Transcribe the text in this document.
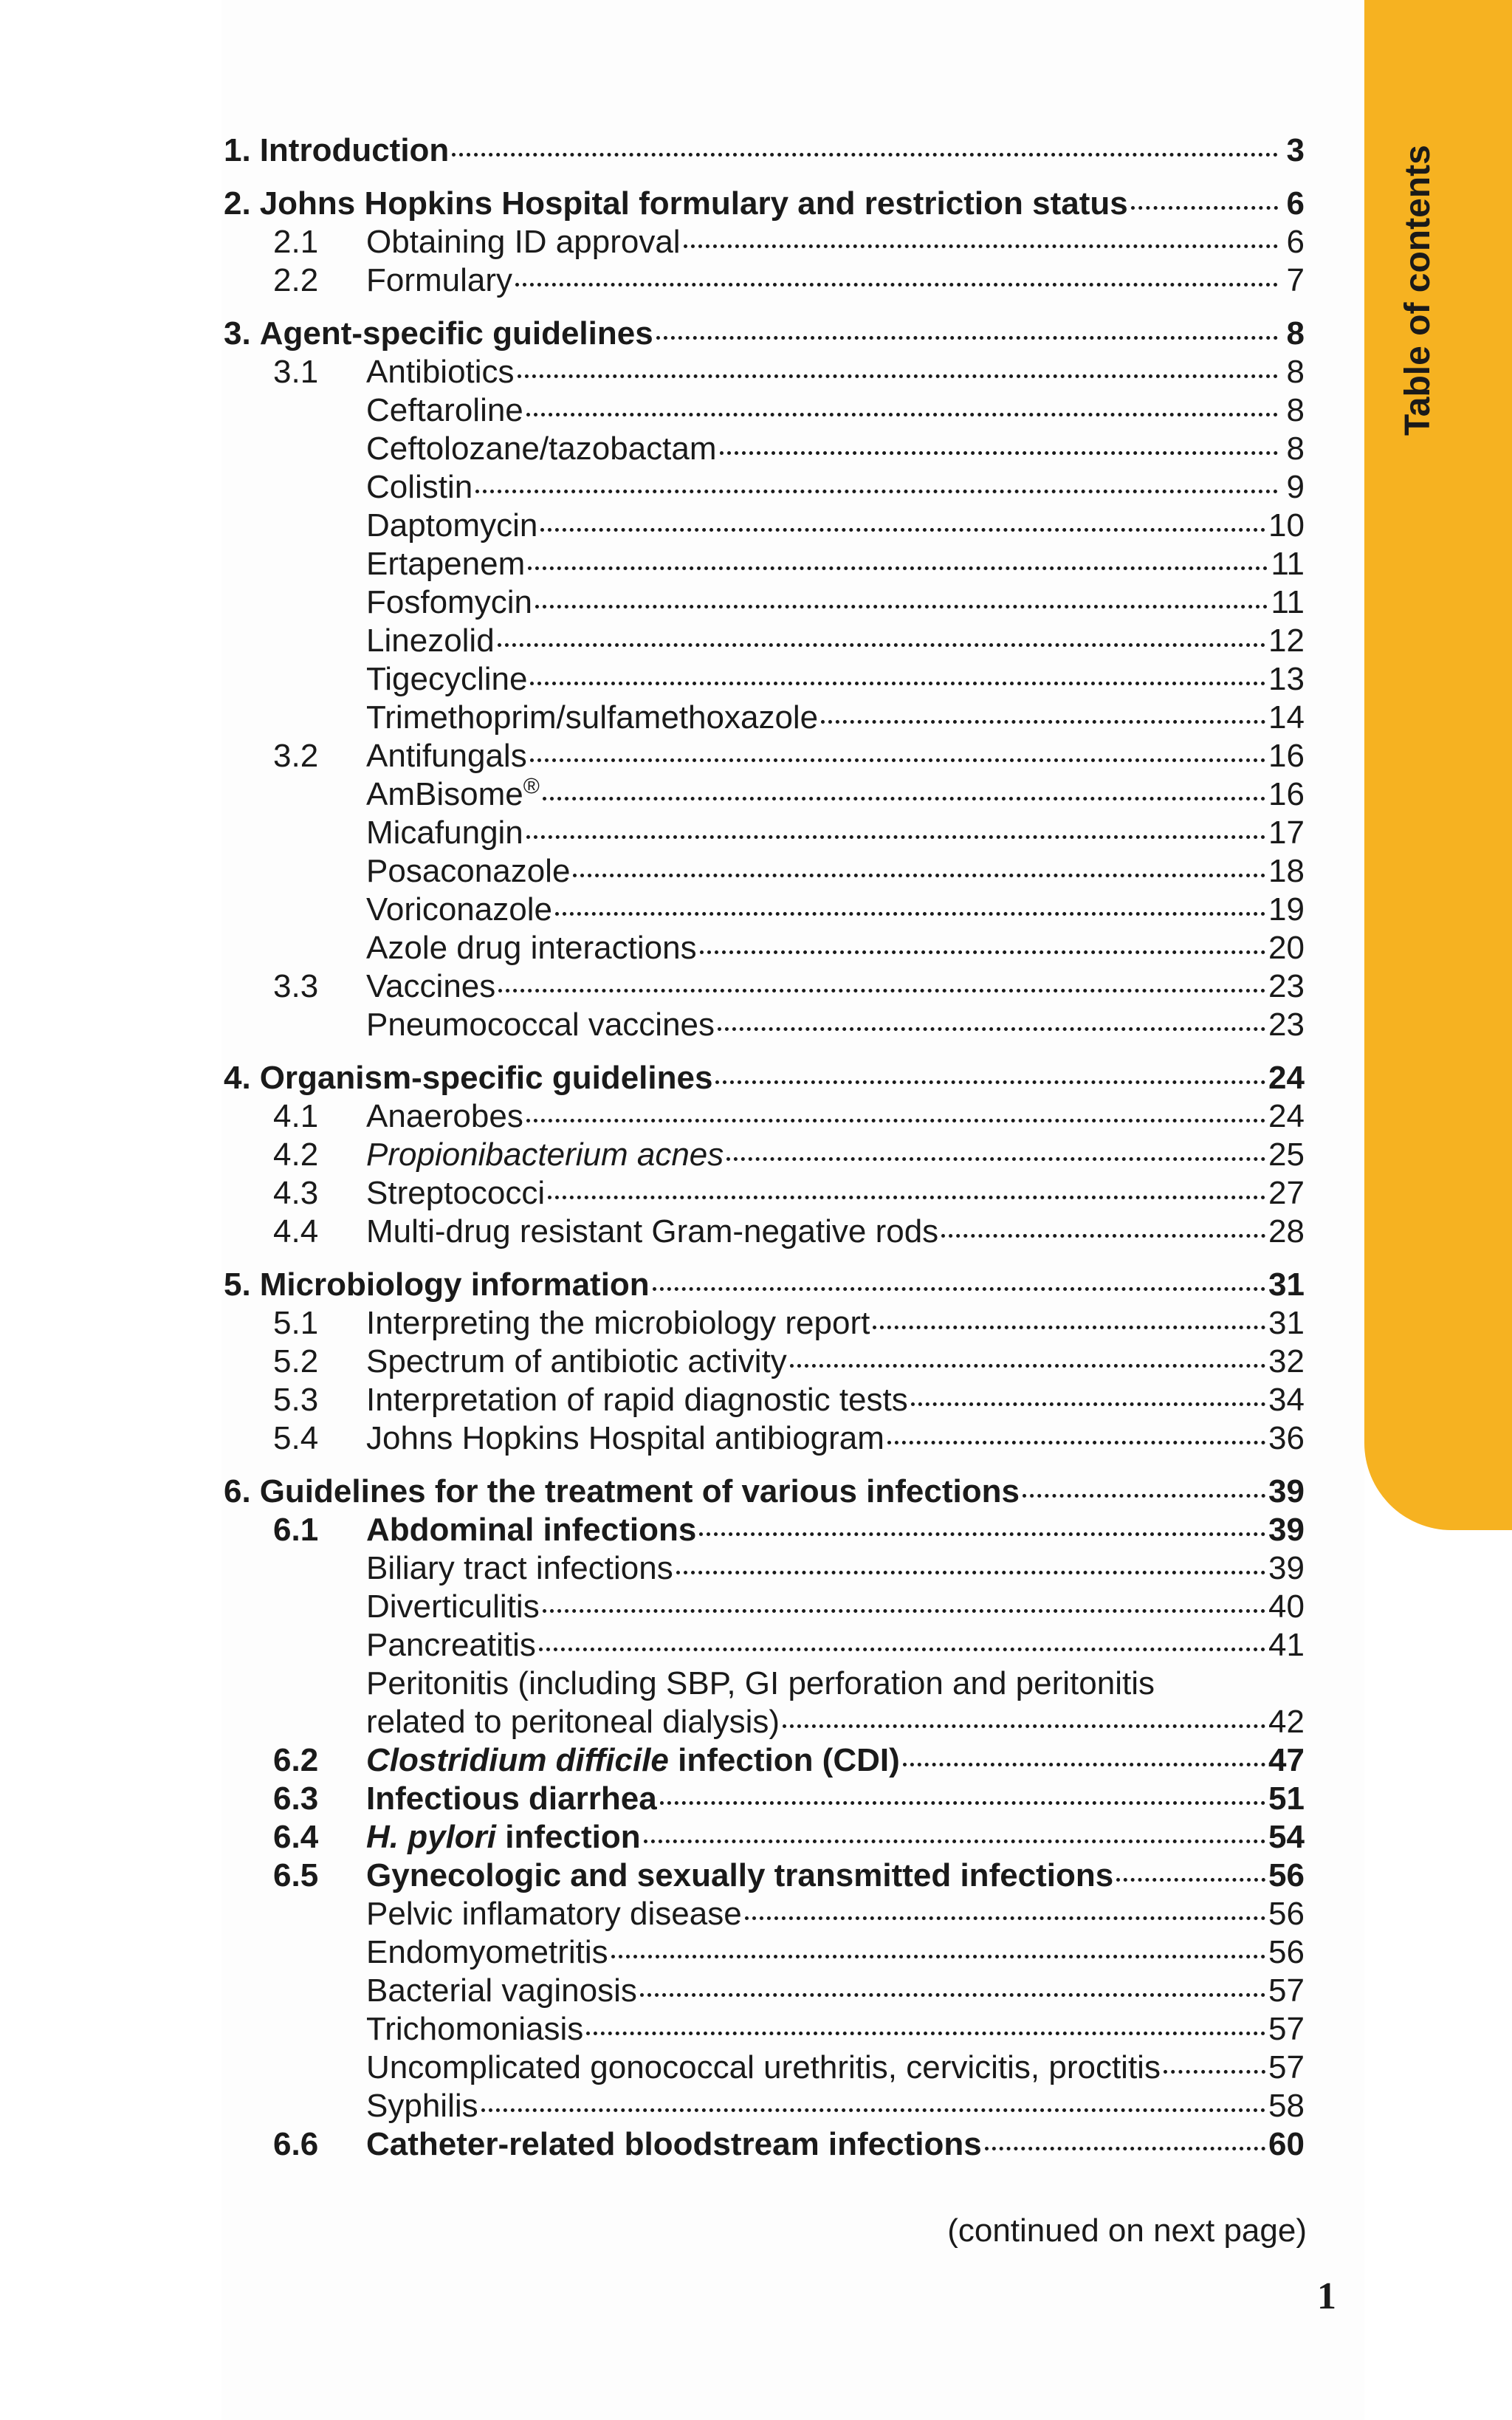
Table of contents
1. Introduction	3
2. Johns Hopkins Hospital formulary and restriction status	6
2.1	Obtaining ID approval	6
2.2	Formulary	7
3. Agent-specific guidelines	8
3.1	Antibiotics	8
Ceftaroline	8
Ceftolozane/tazobactam	8
Colistin	9
Daptomycin	10
Ertapenem	11
Fosfomycin	11
Linezolid	12
Tigecycline	13
Trimethoprim/sulfamethoxazole	14
3.2	Antifungals	16
AmBisome®	16
Micafungin	17
Posaconazole	18
Voriconazole	19
Azole drug interactions	20
3.3	Vaccines	23
Pneumococcal vaccines	23
4. Organism-specific guidelines	24
4.1	Anaerobes	24
4.2	Propionibacterium acnes	25
4.3	Streptococci	27
4.4	Multi-drug resistant Gram-negative rods	28
5. Microbiology information	31
5.1	Interpreting the microbiology report	31
5.2	Spectrum of antibiotic activity	32
5.3	Interpretation of rapid diagnostic tests	34
5.4	Johns Hopkins Hospital antibiogram	36
6. Guidelines for the treatment of various infections	39
6.1	Abdominal infections	39
Biliary tract infections	39
Diverticulitis	40
Pancreatitis	41
Peritonitis (including SBP, GI perforation and peritonitis
related to peritoneal dialysis)	42
6.2	Clostridium difficile infection (CDI)	47
6.3	Infectious diarrhea	51
6.4	H. pylori infection	54
6.5	Gynecologic and sexually transmitted infections	56
Pelvic inflamatory disease	56
Endomyometritis	56
Bacterial vaginosis	57
Trichomoniasis	57
Uncomplicated gonococcal urethritis, cervicitis, proctitis	57
Syphilis	58
6.6	Catheter-related bloodstream infections	60
(continued on next page)
1
